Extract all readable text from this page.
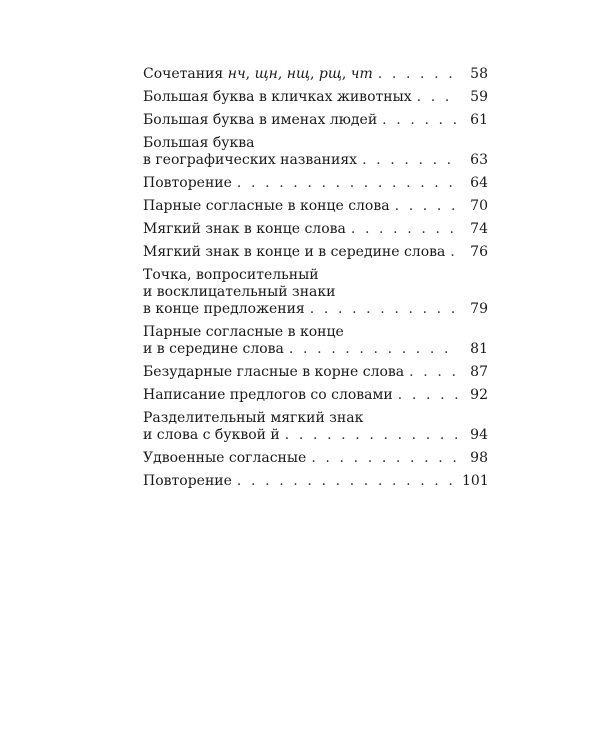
Сочетания нч, щн, нщ, рщ, чт . . .	58
Большая буква в кличках животных . . .	59
Большая буква в именах людей . . .	61
Большая буква
в географических названиях . . .	63
Повторение . . .	64
Парные согласные в конце слова . . .	70
Мягкий знак в конце слова . . .	74
Мягкий знак в конце и в середине слова . . .	76
Точка, вопросительный
и восклицательный знаки
в конце предложения . . .	79
Парные согласные в конце
и в середине слова . . .	81
Безударные гласные в корне слова . . .	87
Написание предлогов со словами . . .	92
Разделительный мягкий знак
и слова с буквой й . . .	94
Удвоенные согласные . . .	98
Повторение . . .	101
